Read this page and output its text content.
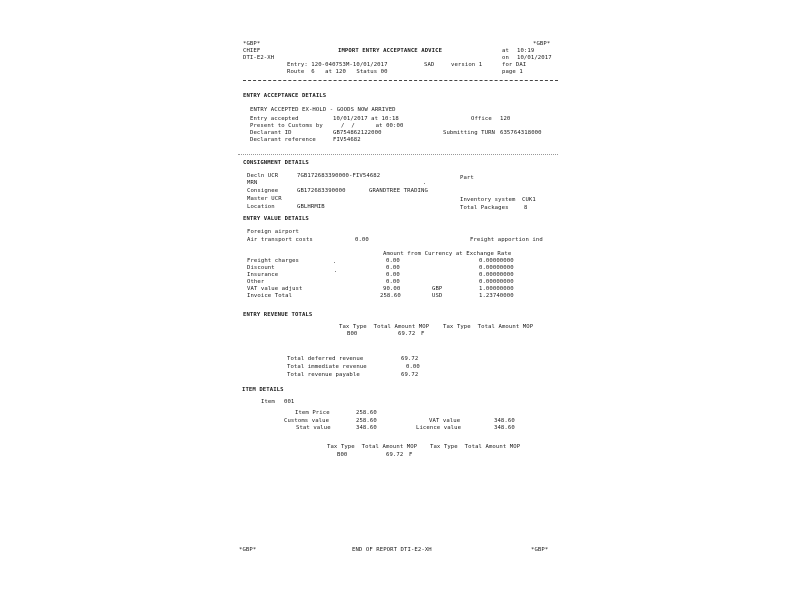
*GBP*	*GBP*
CHIEF	IMPORT ENTRY ACCEPTANCE ADVICE	at 10:19
DTI-E2-XH	on 10/01/2017
Entry: 120-040753M-10/01/2017	SAD	version 1	for DAI
Route  6   at 120   Status 00	page 1
ENTRY ACCEPTANCE DETAILS
ENTRY ACCEPTED EX-HOLD - GOODS NOW ARRIVED
Entry accepted	10/01/2017 at 10:18	Office 120
Present to Customs by	/  /      at 00:00
Declarant ID	GB754862122000	Submitting TURN 635764318000
Declarant reference	FIV54682
CONSIGNMENT DETAILS
Decln UCR	7GB172683390000-FIV54682	Part
MRN
Consignee	GB172683390000	GRANDTREE TRADING
Master UCR	Inventory system CUK1
Location	GBLHRMIB	Total Packages	8
ENTRY VALUE DETAILS
Foreign airport
Air transport costs	0.00	Freight apportion ind
Amount from Currency at Exchange Rate
Freight charges	0.00	0.00000000
Discount	0.00	0.00000000
Insurance	0.00	0.00000000
Other	0.00	0.00000000
VAT value adjust	90.00	GBP	1.00000000
Invoice Total	258.60	USD	1.23740000
ENTRY REVENUE TOTALS
Tax Type  Total Amount MOP Tax Type  Total Amount MOP
B00	69.72 F
Total deferred revenue	69.72
Total immediate revenue	0.00
Total revenue payable	69.72
ITEM DETAILS
Item 001
Item Price	258.60
Customs value	258.60	VAT value	348.60
Stat value	348.60	Licence value	348.60
Tax Type  Total Amount MOP Tax Type  Total Amount MOP
B00	69.72 F
*GBP*	END OF REPORT DTI-E2-XH	*GBP*
